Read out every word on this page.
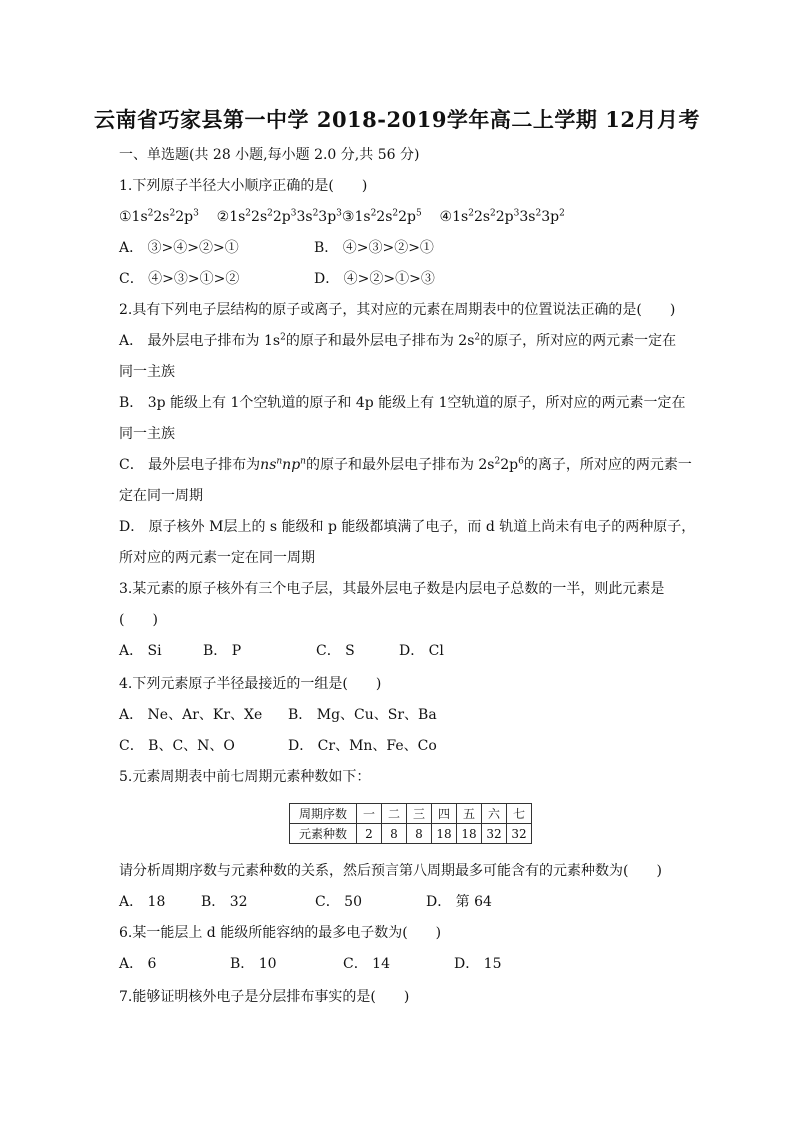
云南省巧家县第一中学 2018-2019学年高二上学期 12月月考
一、单选题(共 28 小题,每小题 2.0 分,共 56 分)
1.下列原子半径大小顺序正确的是(　　)
$①1s^22s^22p^3$ $②1s^22s^22p^33s^23p^3③1s^22s^22p^5$ $④1s^22s^22p^33s^23p^2$
A． ③>④>②>①	B． ④>③>②>①
C． ④>③>①>②	D． ④>②>①>③
2.具有下列电子层结构的原子或离子，其对应的元素在周期表中的位置说法正确的是(　　)
A． 最外层电子排布为 $1s^2$的原子和最外层电子排布为 $2s^2$的原子，所对应的两元素一定在
同一主族
B． 3p 能级上有 1个空轨道的原子和 4p 能级上有 1空轨道的原子，所对应的两元素一定在
同一主族
C． 最外层电子排布为$ns^nnp^n$的原子和最外层电子排布为 $2s^22p^6$的离子，所对应的两元素一
定在同一周期
D． 原子核外 M层上的 s 能级和 p 能级都填满了电子，而 d 轨道上尚未有电子的两种原子，
所对应的两元素一定在同一周期
3.某元素的原子核外有三个电子层，其最外层电子数是内层电子总数的一半，则此元素是
(　　)
A． Si	B． P	C． S	D． Cl
4.下列元素原子半径最接近的一组是(　　)
A． Ne、Ar、Kr、Xe B． Mg、Cu、Sr、Ba
C． B、C、N、O	D． Cr、Mn、Fe、Co
5.元素周期表中前七周期元素种数如下：
周期序数	一	二	三	四	五	六	七
元素种数	2	8	8	18	18	32	32
请分析周期序数与元素种数的关系，然后预言第八周期最多可能含有的元素种数为(　　)
A． 18	B． 32	C． 50	D． 第 64
6.某一能层上 d 能级所能容纳的最多电子数为(　　)
A． 6	B． 10	C． 14	D． 15
7.能够证明核外电子是分层排布事实的是(　　)
